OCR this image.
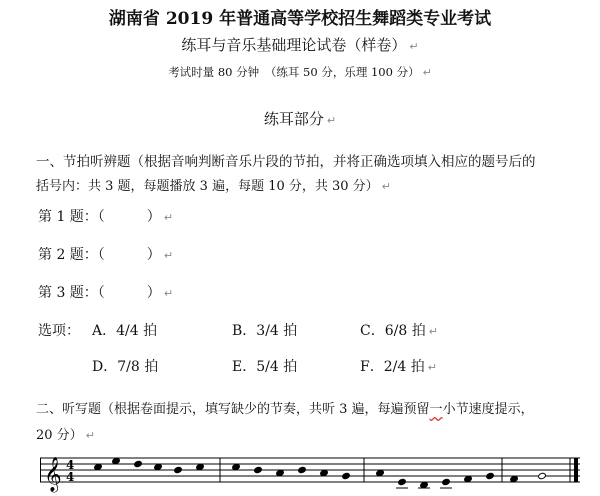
湖南省 2019 年普通高等学校招生舞蹈类专业考试
练耳与音乐基础理论试卷（样卷） ↵
考试时量 80 分钟　（练耳 50 分，乐理 100 分） ↵
练耳部分 ↵
一、节拍听辨题（根据音响判断音乐片段的节拍，并将正确选项填入相应的题号后的
括号内：共 3 题，每题播放 3 遍，每题 10 分，共 30 分） ↵
第 1 题：（　　　） ↵
第 2 题：（　　　） ↵
第 3 题：（　　　） ↵
选项： A．4/4 拍	B．3/4 拍	C．6/8 拍 ↵
D．7/8 拍	E．5/4 拍	F．2/4 拍 ↵
二、听写题（根据卷面提示，填写缺少的节奏，共听 3 遍，每遍预留一小节速度提示，
20 分） ↵
𝄞 4
4
